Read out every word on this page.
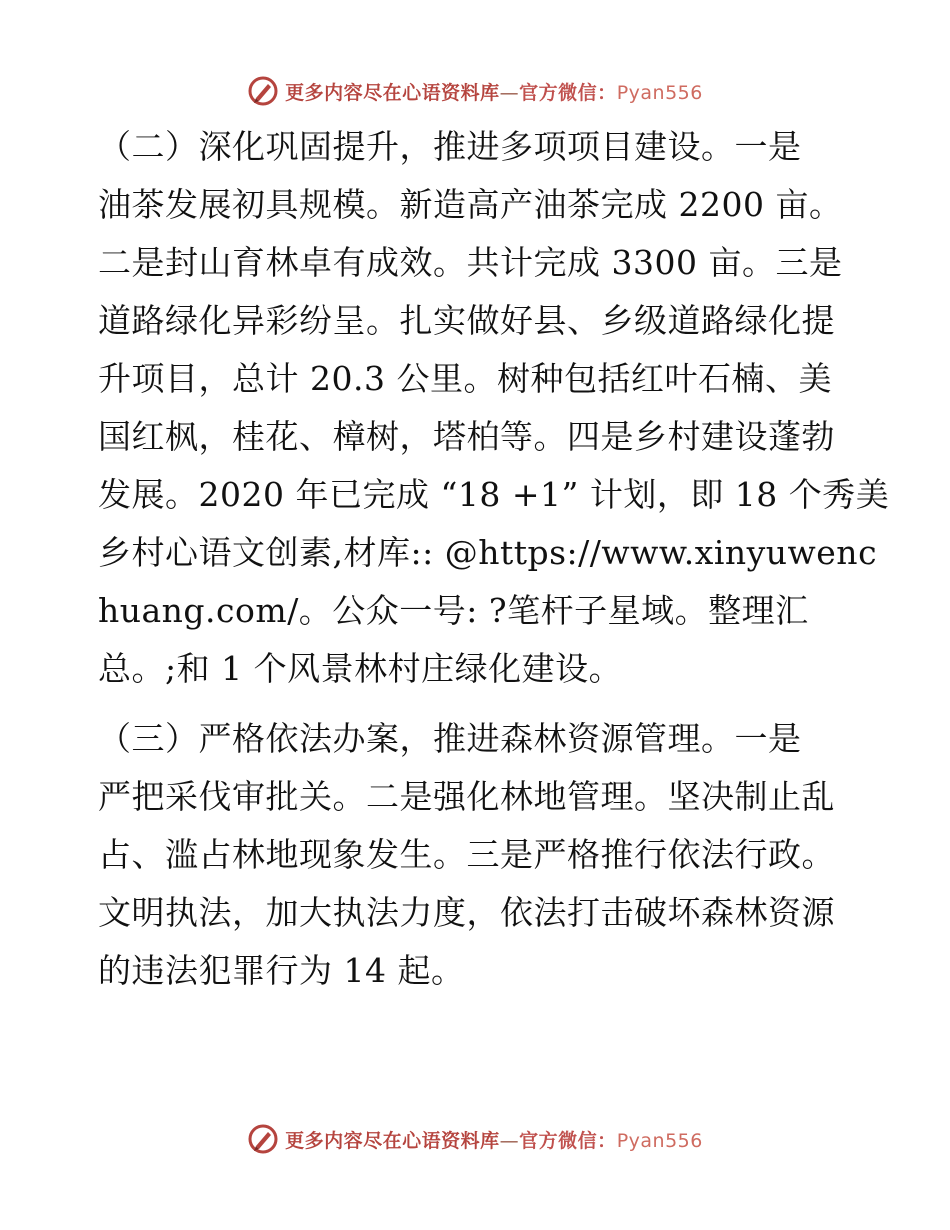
更多内容尽在心语资料库—官方微信：Pyan556
（二）深化巩固提升，推进多项项目建设。一是
油茶发展初具规模。新造高产油茶完成 2200 亩。
二是封山育林卓有成效。共计完成 3300 亩。三是
道路绿化异彩纷呈。扎实做好县、乡级道路绿化提
升项目，总计 20.3 公里。树种包括红叶石楠、美
国红枫，桂花、樟树，塔柏等。四是乡村建设蓬勃
发展。2020 年已完成 “18 +1” 计划，即 18 个秀美
乡村心语文创素,材库:: @https://www.xinyuwenc
huang.com/。公众一号: ?笔杆子星域。整理汇
总。;和 1 个风景林村庄绿化建设。
（三）严格依法办案，推进森林资源管理。一是
严把采伐审批关。二是强化林地管理。坚决制止乱
占、滥占林地现象发生。三是严格推行依法行政。
文明执法，加大执法力度，依法打击破坏森林资源
的违法犯罪行为 14 起。
更多内容尽在心语资料库—官方微信：Pyan556
